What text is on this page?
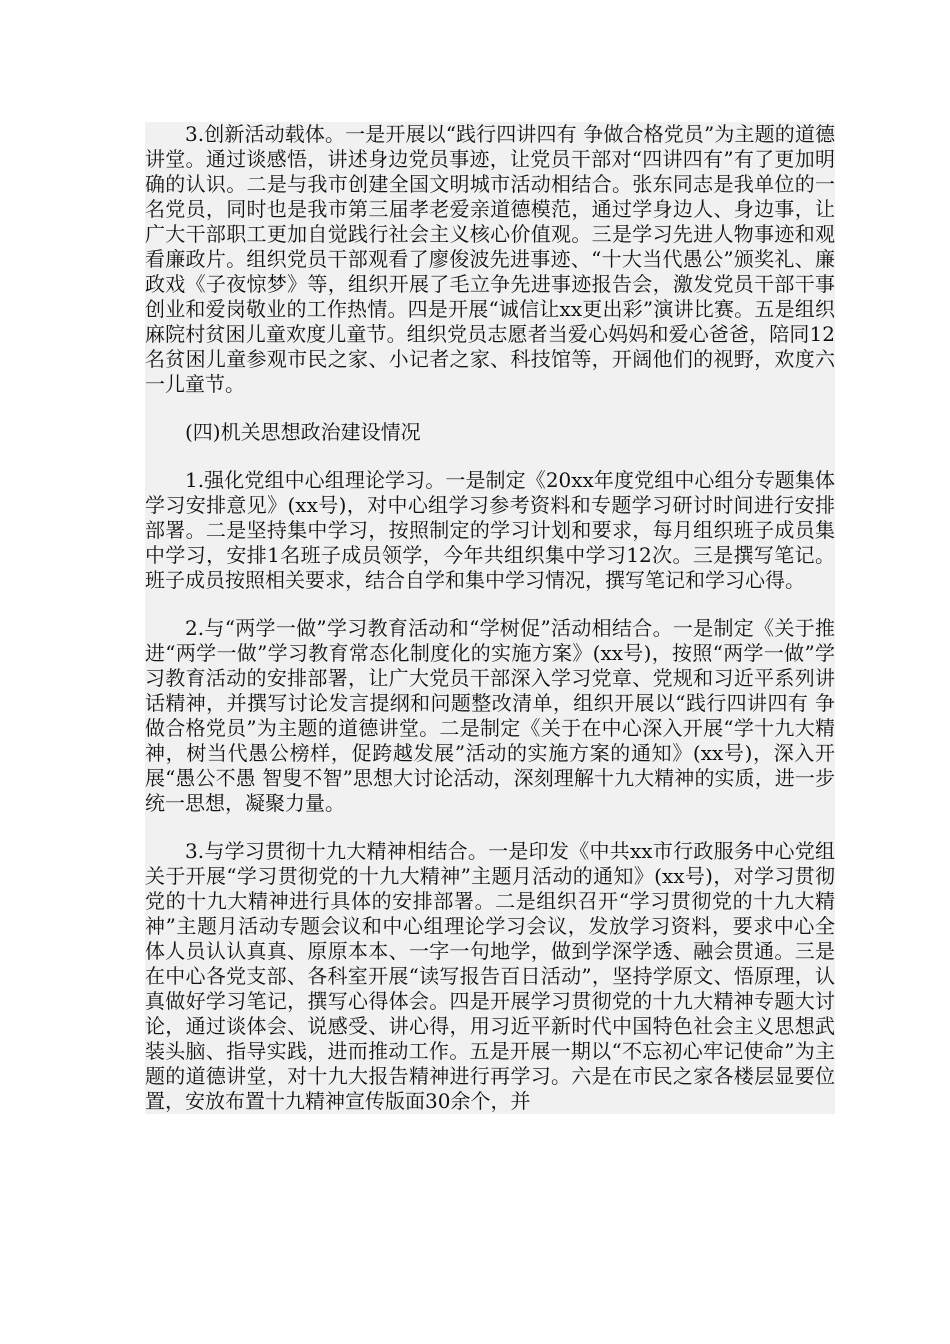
3.创新活动载体。一是开展以“践行四讲四有 争做合格党员”为主题的道德讲堂。通过谈感悟，讲述身边党员事迹，让党员干部对“四讲四有”有了更加明确的认识。二是与我市创建全国文明城市活动相结合。张东同志是我单位的一名党员，同时也是我市第三届孝老爱亲道德模范，通过学身边人、身边事，让广大干部职工更加自觉践行社会主义核心价值观。三是学习先进人物事迹和观看廉政片。组织党员干部观看了廖俊波先进事迹、“十大当代愚公”颁奖礼、廉政戏《子夜惊梦》等，组织开展了毛立争先进事迹报告会，激发党员干部干事创业和爱岗敬业的工作热情。四是开展“诚信让xx更出彩”演讲比赛。五是组织麻院村贫困儿童欢度儿童节。组织党员志愿者当爱心妈妈和爱心爸爸，陪同12名贫困儿童参观市民之家、小记者之家、科技馆等，开阔他们的视野，欢度六一儿童节。

(四)机关思想政治建设情况

1.强化党组中心组理论学习。一是制定《20xx年度党组中心组分专题集体学习安排意见》(xx号)，对中心组学习参考资料和专题学习研讨时间进行安排部署。二是坚持集中学习，按照制定的学习计划和要求，每月组织班子成员集中学习，安排1名班子成员领学，今年共组织集中学习12次。三是撰写笔记。班子成员按照相关要求，结合自学和集中学习情况，撰写笔记和学习心得。

2.与“两学一做”学习教育活动和“学树促”活动相结合。一是制定《关于推进“两学一做”学习教育常态化制度化的实施方案》(xx号)，按照“两学一做”学习教育活动的安排部署，让广大党员干部深入学习党章、党规和习近平系列讲话精神，并撰写讨论发言提纲和问题整改清单，组织开展以“践行四讲四有 争做合格党员”为主题的道德讲堂。二是制定《关于在中心深入开展“学十九大精神，树当代愚公榜样，促跨越发展”活动的实施方案的通知》(xx号)，深入开展“愚公不愚 智叟不智”思想大讨论活动，深刻理解十九大精神的实质，进一步统一思想，凝聚力量。

3.与学习贯彻十九大精神相结合。一是印发《中共xx市行政服务中心党组关于开展“学习贯彻党的十九大精神”主题月活动的通知》(xx号)，对学习贯彻党的十九大精神进行具体的安排部署。二是组织召开“学习贯彻党的十九大精神”主题月活动专题会议和中心组理论学习会议，发放学习资料，要求中心全体人员认认真真、原原本本、一字一句地学，做到学深学透、融会贯通。三是在中心各党支部、各科室开展“读写报告百日活动”，坚持学原文、悟原理，认真做好学习笔记，撰写心得体会。四是开展学习贯彻党的十九大精神专题大讨论，通过谈体会、说感受、讲心得，用习近平新时代中国特色社会主义思想武装头脑、指导实践，进而推动工作。五是开展一期以“不忘初心牢记使命”为主题的道德讲堂，对十九大报告精神进行再学习。六是在市民之家各楼层显要位置，安放布置十九精神宣传版面30余个，并
